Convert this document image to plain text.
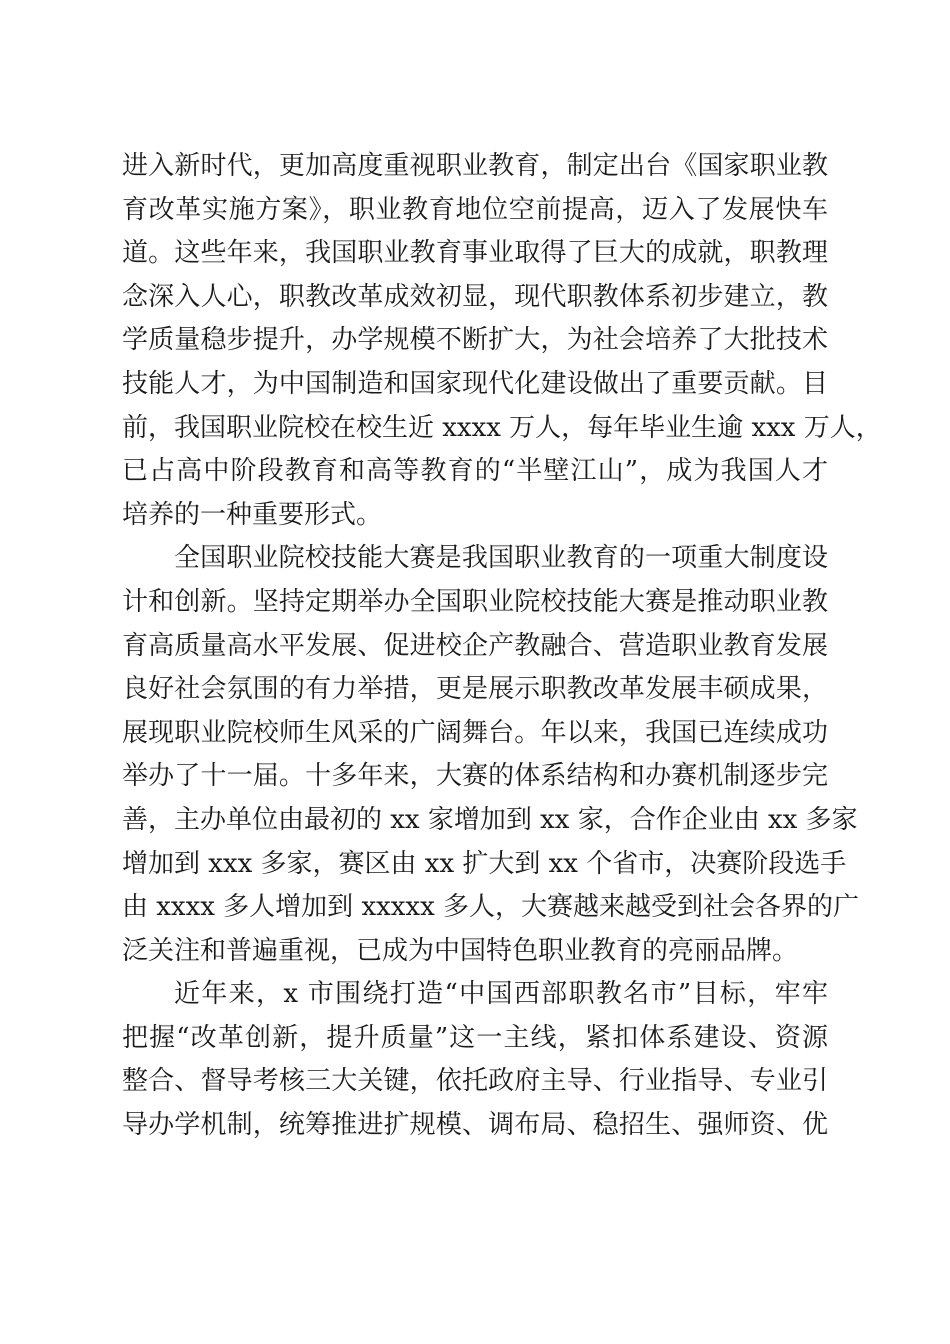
进入新时代，更加高度重视职业教育，制定出台《国家职业教
育改革实施方案》，职业教育地位空前提高，迈入了发展快车
道。这些年来，我国职业教育事业取得了巨大的成就，职教理
念深入人心，职教改革成效初显，现代职教体系初步建立，教
学质量稳步提升，办学规模不断扩大，为社会培养了大批技术
技能人才，为中国制造和国家现代化建设做出了重要贡献。目
前，我国职业院校在校生近 xxxx 万人，每年毕业生逾 xxx 万人，
已占高中阶段教育和高等教育的“半壁江山”，成为我国人才
培养的一种重要形式。
全国职业院校技能大赛是我国职业教育的一项重大制度设
计和创新。坚持定期举办全国职业院校技能大赛是推动职业教
育高质量高水平发展、促进校企产教融合、营造职业教育发展
良好社会氛围的有力举措，更是展示职教改革发展丰硕成果，
展现职业院校师生风采的广阔舞台。年以来，我国已连续成功
举办了十一届。十多年来，大赛的体系结构和办赛机制逐步完
善，主办单位由最初的 xx 家增加到 xx 家，合作企业由 xx 多家
增加到 xxx 多家，赛区由 xx 扩大到 xx 个省市，决赛阶段选手
由 xxxx 多人增加到 xxxxx 多人，大赛越来越受到社会各界的广
泛关注和普遍重视，已成为中国特色职业教育的亮丽品牌。
近年来，x 市围绕打造“中国西部职教名市”目标，牢牢
把握“改革创新，提升质量”这一主线，紧扣体系建设、资源
整合、督导考核三大关键，依托政府主导、行业指导、专业引
导办学机制，统筹推进扩规模、调布局、稳招生、强师资、优
